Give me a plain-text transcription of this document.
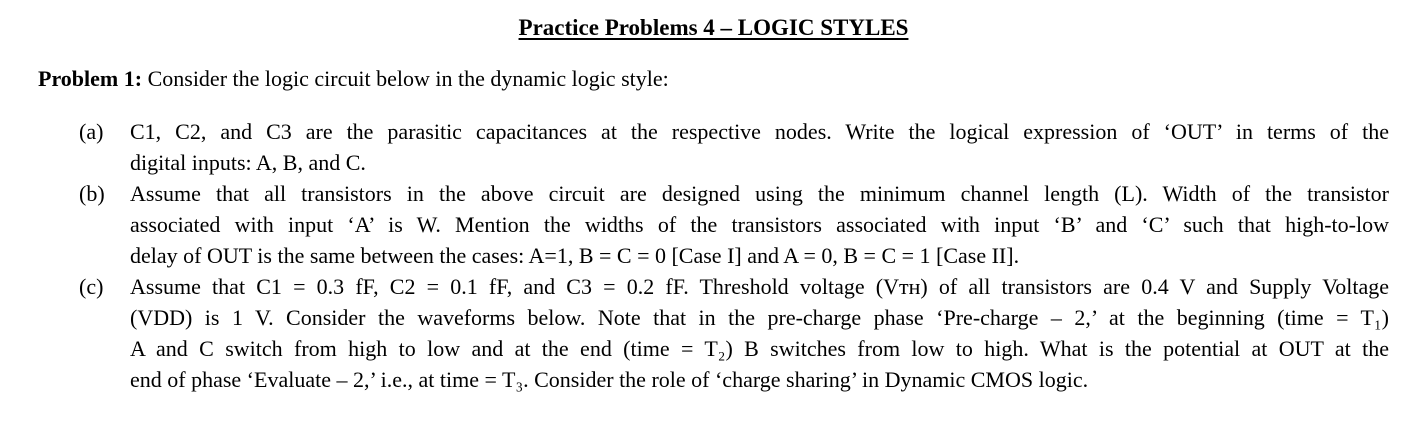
Practice Problems 4 – LOGIC STYLES
Problem 1: Consider the logic circuit below in the dynamic logic style:
(a) C1, C2, and C3 are the parasitic capacitances at the respective nodes. Write the logical expression of ‘OUT’ in terms of the
digital inputs: A, B, and C.
(b) Assume that all transistors in the above circuit are designed using the minimum channel length (L). Width of the transistor
associated with input ‘A’ is W. Mention the widths of the transistors associated with input ‘B’ and ‘C’ such that high-to-low
delay of OUT is the same between the cases: A=1, B = C = 0 [Case I] and A = 0, B = C = 1 [Case II].
(c) Assume that C1 = 0.3 fF, C2 = 0.1 fF, and C3 = 0.2 fF. Threshold voltage (Vᴛʜ) of all transistors are 0.4 V and Supply Voltage
(VDD) is 1 V. Consider the waveforms below. Note that in the pre-charge phase ‘Pre-charge – 2,’ at the beginning (time = T₁)
A and C switch from high to low and at the end (time = T₂) B switches from low to high. What is the potential at OUT at the
end of phase ‘Evaluate – 2,’ i.e., at time = T₃. Consider the role of ‘charge sharing’ in Dynamic CMOS logic.
